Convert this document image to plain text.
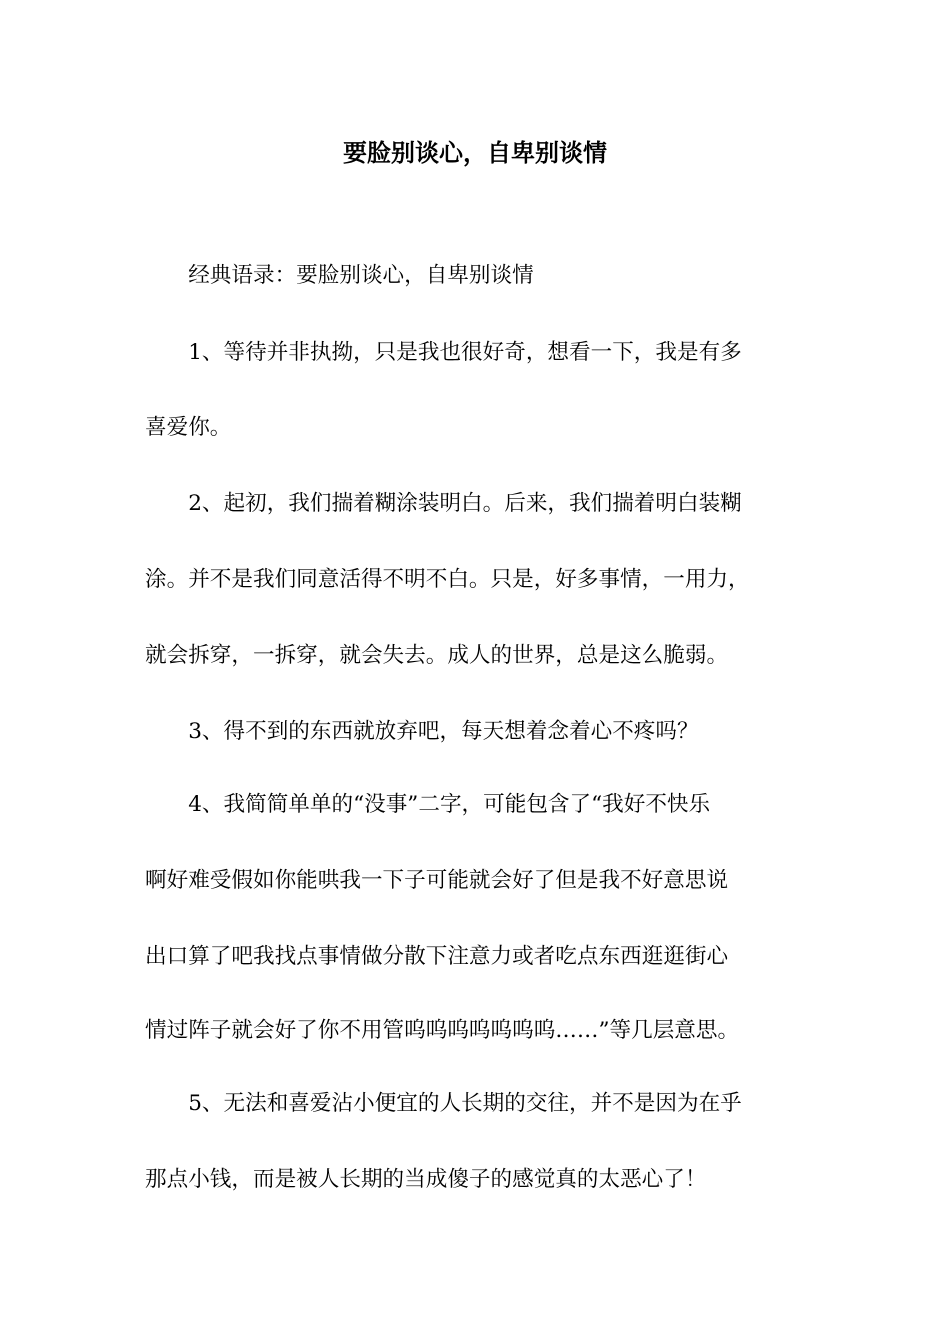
要脸别谈心，自卑别谈情
经典语录：要脸别谈心，自卑别谈情
1、等待并非执拗，只是我也很好奇，想看一下，我是有多
喜爱你。
2、起初，我们揣着糊涂装明白。后来，我们揣着明白装糊
涂。并不是我们同意活得不明不白。只是，好多事情，一用力，
就会拆穿，一拆穿，就会失去。成人的世界，总是这么脆弱。
3、得不到的东西就放弃吧，每天想着念着心不疼吗？
4、我简简单单的“没事”二字，可能包含了“我好不快乐
啊好难受假如你能哄我一下子可能就会好了但是我不好意思说
出口算了吧我找点事情做分散下注意力或者吃点东西逛逛街心
情过阵子就会好了你不用管呜呜呜呜呜呜呜……”等几层意思。
5、无法和喜爱沾小便宜的人长期的交往，并不是因为在乎
那点小钱，而是被人长期的当成傻子的感觉真的太恶心了！
